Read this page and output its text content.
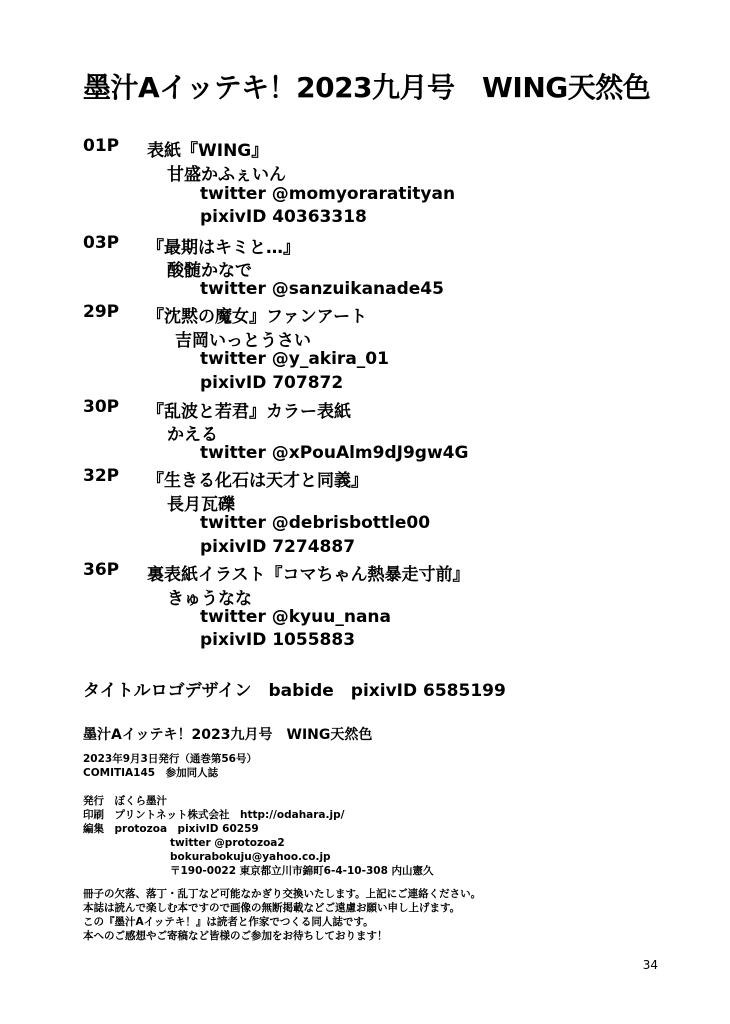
墨汁Aイッテキ！2023九月号　WING天然色
01P	表紙『WING』
甘盛かふぇいん
twitter @momyoraratityan
pixivID 40363318
03P	『最期はキミと…』
酸髄かなで
twitter @sanzuikanade45
29P	『沈黙の魔女』ファンアート
吉岡いっとうさい
twitter @y_akira_01
pixivID 707872
30P	『乱波と若君』カラー表紙
かえる
twitter @xPouAlm9dJ9gw4G
32P	『生きる化石は天才と同義』
長月瓦礫
twitter @debrisbottle00
pixivID 7274887
36P	裏表紙イラスト『コマちゃん熱暴走寸前』
きゅうなな
twitter @kyuu_nana
pixivID 1055883
タイトルロゴデザイン　babide　pixivID 6585199
墨汁Aイッテキ！2023九月号　WING天然色
2023年9月3日発行（通巻第56号）
COMITIA145　参加同人誌
発行　ぼくら墨汁
印刷　プリントネット株式会社　http://odahara.jp/
編集　protozoa　pixivID 60259
twitter @protozoa2
bokurabokuju@yahoo.co.jp
〒190-0022 東京都立川市錦町6-4-10-308 内山憲久
冊子の欠落、落丁・乱丁など可能なかぎり交換いたします。上記にご連絡ください。
本誌は読んで楽しむ本ですので画像の無断掲載などご遠慮お願い申し上げます。
この『墨汁Aイッテキ！』は読者と作家でつくる同人誌です。
本へのご感想やご寄稿など皆様のご参加をお待ちしております！
34
